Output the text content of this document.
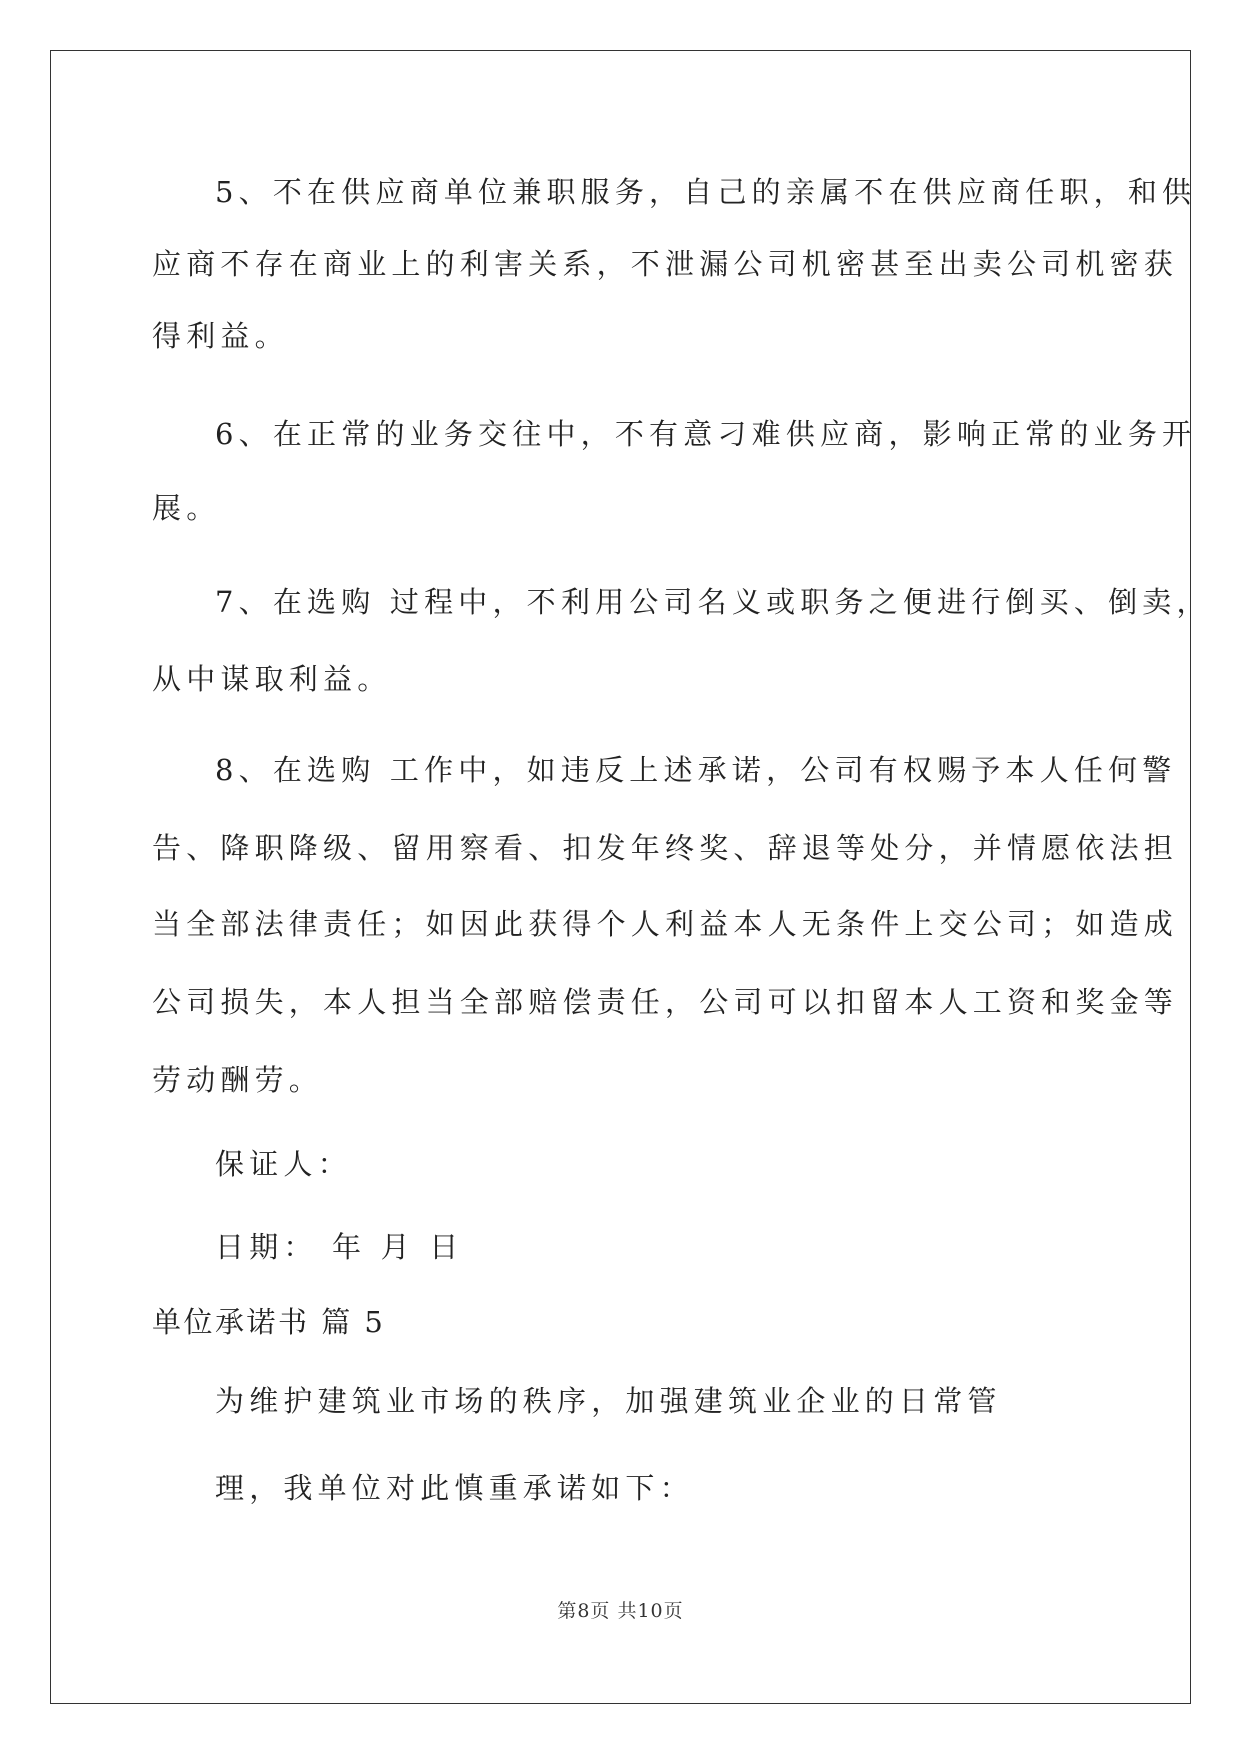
5、不在供应商单位兼职服务，自己的亲属不在供应商任职，和供
应商不存在商业上的利害关系，不泄漏公司机密甚至出卖公司机密获
得利益。
6、在正常的业务交往中，不有意刁难供应商，影响正常的业务开
展。
7、在选购 过程中，不利用公司名义或职务之便进行倒买、倒卖，
从中谋取利益。
8、在选购 工作中，如违反上述承诺，公司有权赐予本人任何警
告、降职降级、留用察看、扣发年终奖、辞退等处分，并情愿依法担
当全部法律责任；如因此获得个人利益本人无条件上交公司；如造成
公司损失，本人担当全部赔偿责任，公司可以扣留本人工资和奖金等
劳动酬劳。
保证人：
日期： 年 月 日
单位承诺书 篇 5
为维护建筑业市场的秩序，加强建筑业企业的日常管
理，我单位对此慎重承诺如下：
第8页 共10页
